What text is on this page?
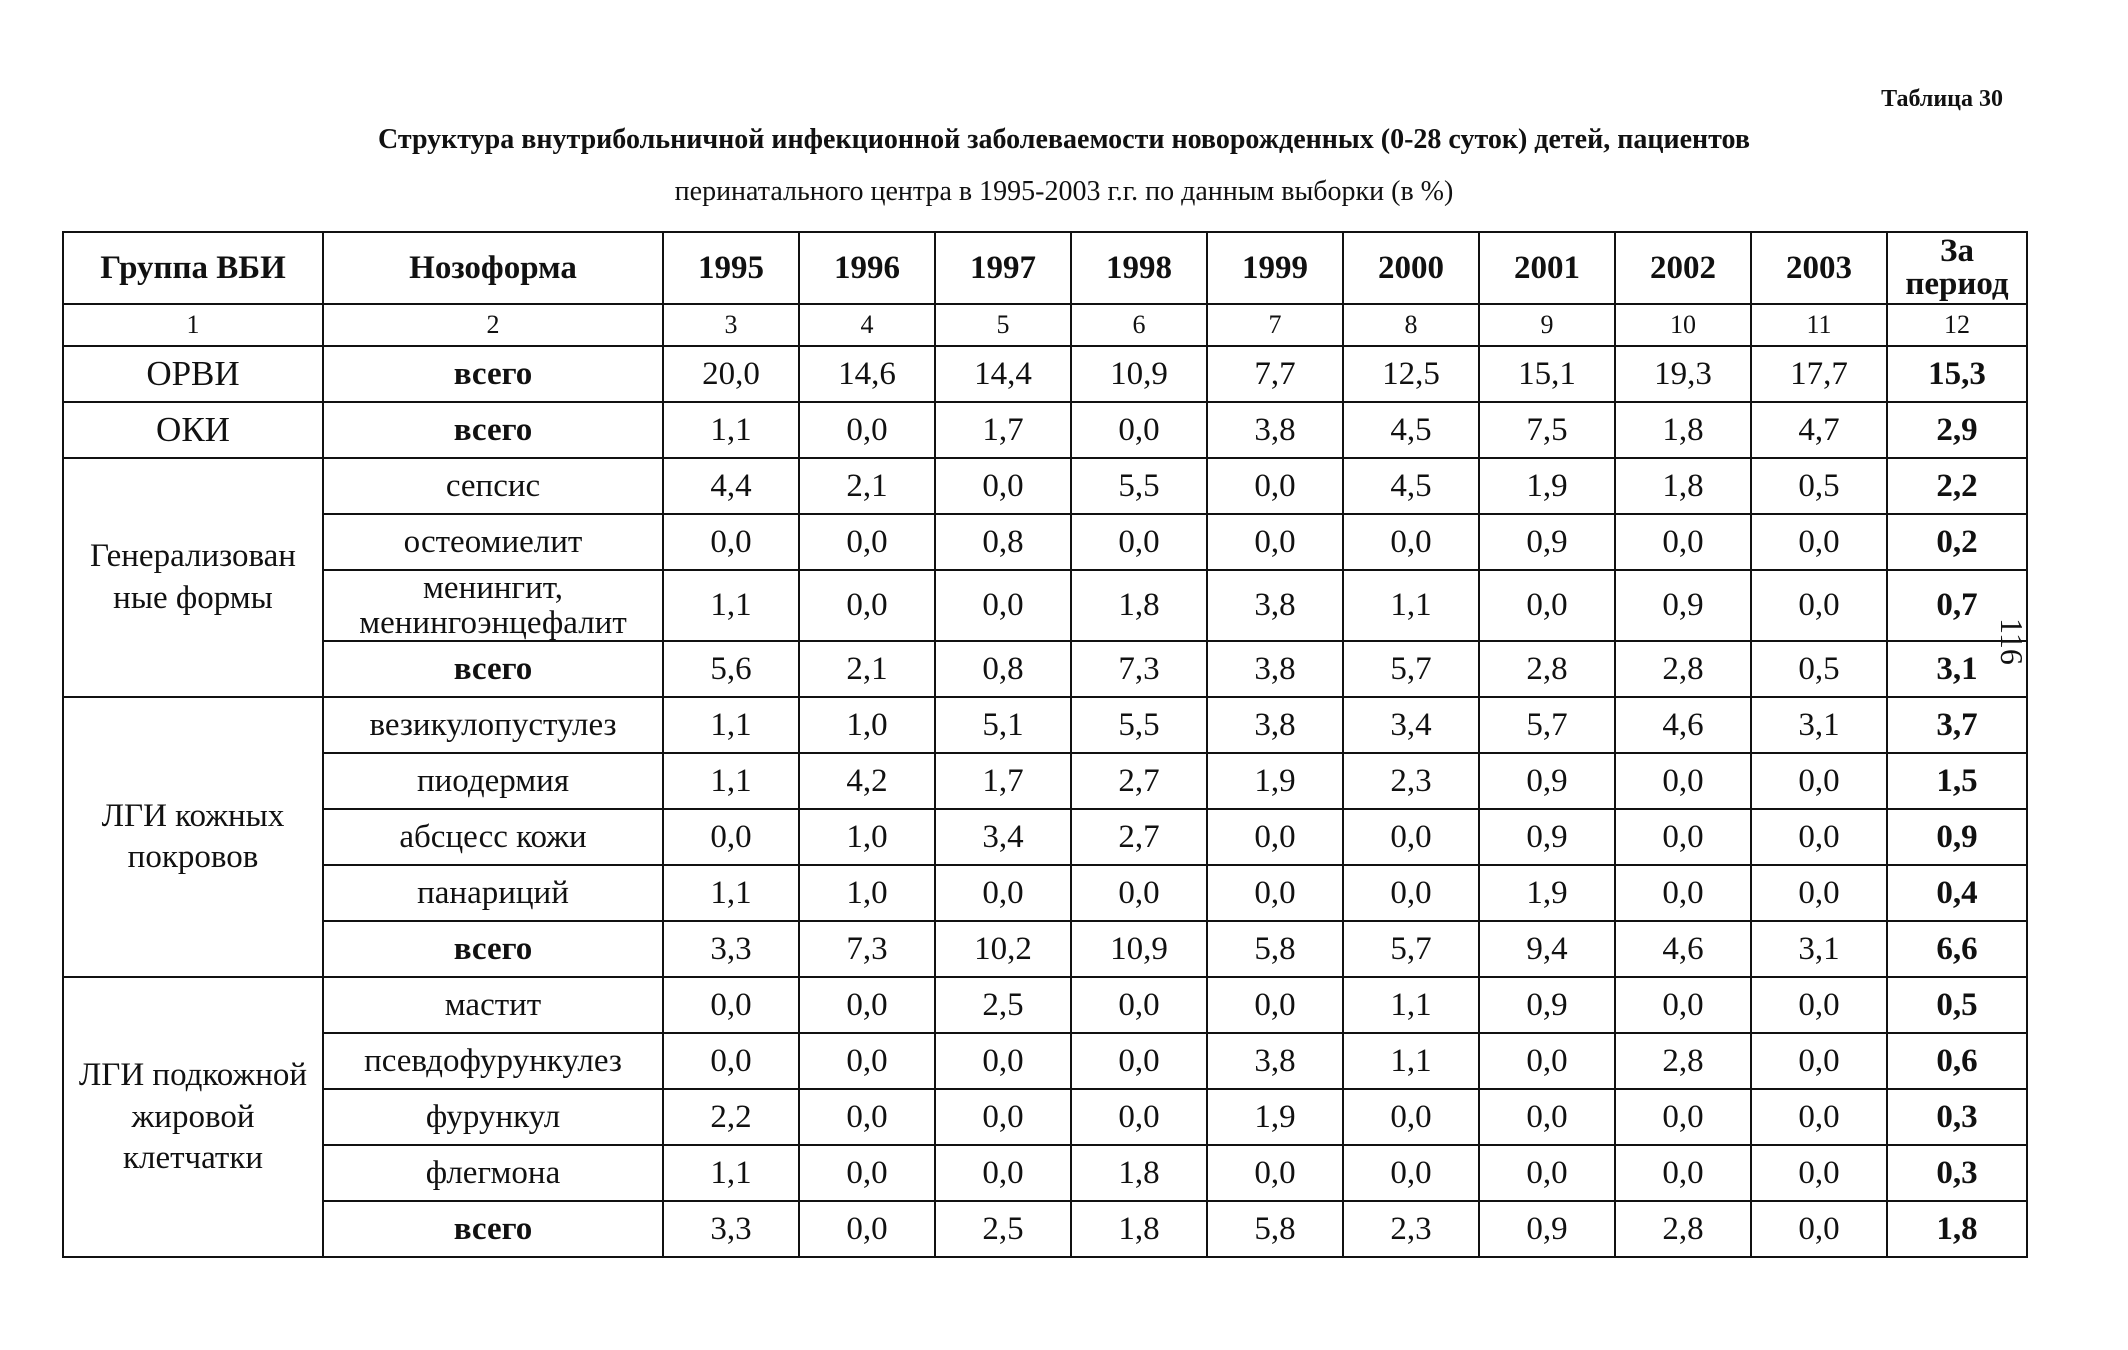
Таблица 30
Структура внутрибольничной инфекционной заболеваемости новорожденных (0-28 суток) детей, пациентов
перинатального центра в 1995-2003 г.г. по данным выборки (в %)
116
Группа ВБИ	Нозоформа	1995	1996	1997	1998	1999	2000	2001	2002	2003	За период
1	2	3	4	5	6	7	8	9	10	11	12
ОРВИ	всего	20,0	14,6	14,4	10,9	7,7	12,5	15,1	19,3	17,7	15,3
ОКИ	всего	1,1	0,0	1,7	0,0	3,8	4,5	7,5	1,8	4,7	2,9
Генерализован ные формы	сепсис	4,4	2,1	0,0	5,5	0,0	4,5	1,9	1,8	0,5	2,2
	остеомиелит	0,0	0,0	0,8	0,0	0,0	0,0	0,9	0,0	0,0	0,2
	менингит, менингоэнцефалит	1,1	0,0	0,0	1,8	3,8	1,1	0,0	0,9	0,0	0,7
	всего	5,6	2,1	0,8	7,3	3,8	5,7	2,8	2,8	0,5	3,1
ЛГИ кожных покровов	везикулопустулез	1,1	1,0	5,1	5,5	3,8	3,4	5,7	4,6	3,1	3,7
	пиодермия	1,1	4,2	1,7	2,7	1,9	2,3	0,9	0,0	0,0	1,5
	абсцесс кожи	0,0	1,0	3,4	2,7	0,0	0,0	0,9	0,0	0,0	0,9
	панариций	1,1	1,0	0,0	0,0	0,0	0,0	1,9	0,0	0,0	0,4
	всего	3,3	7,3	10,2	10,9	5,8	5,7	9,4	4,6	3,1	6,6
ЛГИ подкожной жировой клетчатки	мастит	0,0	0,0	2,5	0,0	0,0	1,1	0,9	0,0	0,0	0,5
	псевдофурункулез	0,0	0,0	0,0	0,0	3,8	1,1	0,0	2,8	0,0	0,6
	фурункул	2,2	0,0	0,0	0,0	1,9	0,0	0,0	0,0	0,0	0,3
	флегмона	1,1	0,0	0,0	1,8	0,0	0,0	0,0	0,0	0,0	0,3
	всего	3,3	0,0	2,5	1,8	5,8	2,3	0,9	2,8	0,0	1,8
